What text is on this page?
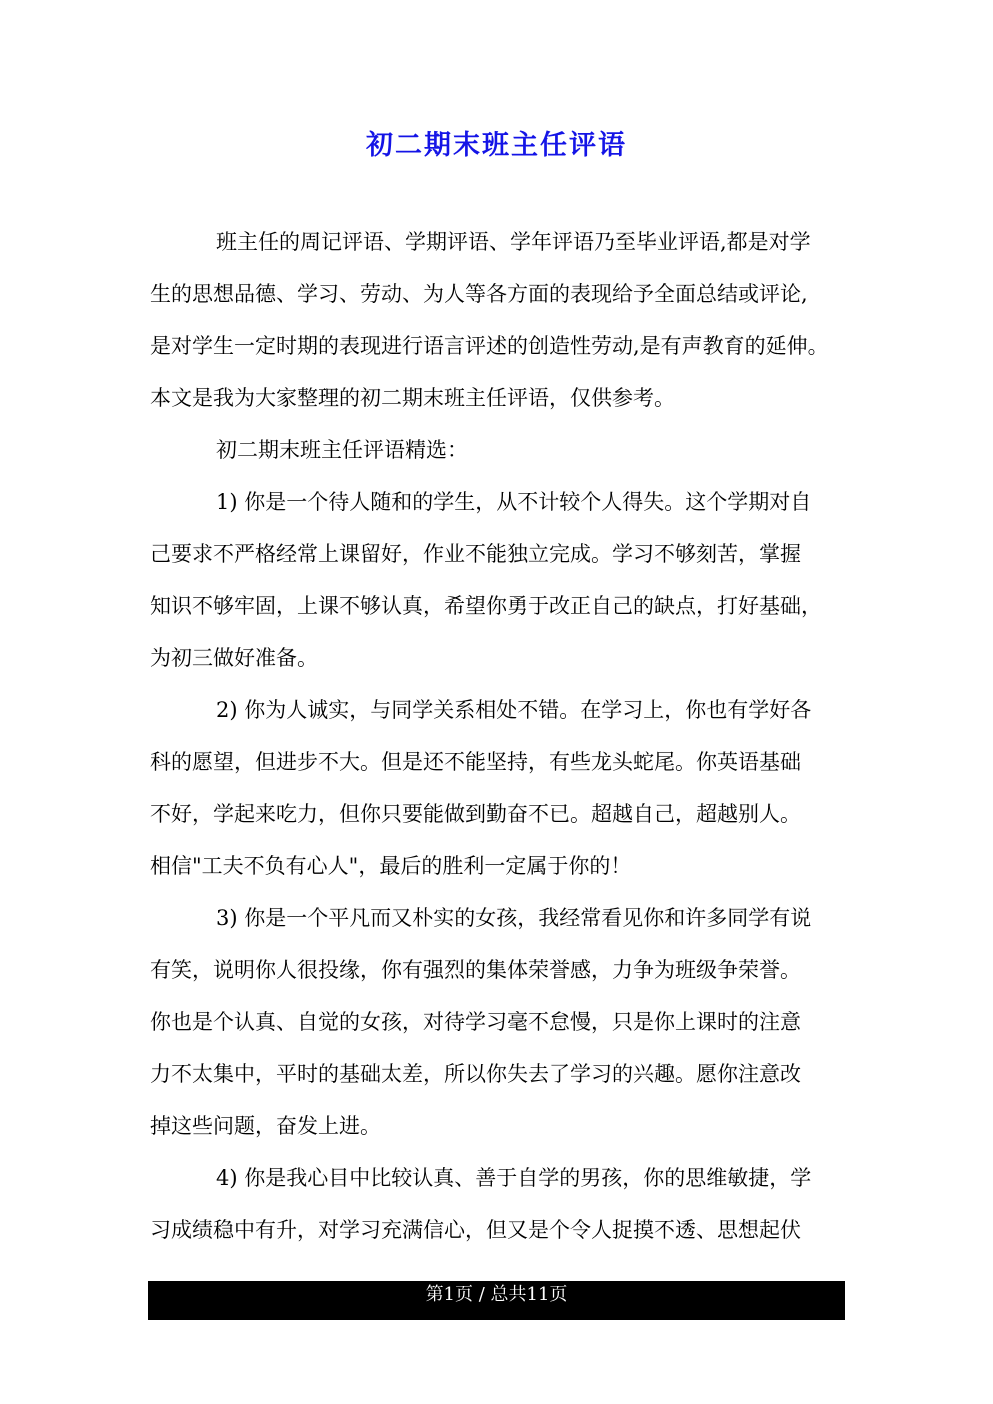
初二期末班主任评语
班主任的周记评语、学期评语、学年评语乃至毕业评语,都是对学
生的思想品德、学习、劳动、为人等各方面的表现给予全面总结或评论,
是对学生一定时期的表现进行语言评述的创造性劳动,是有声教育的延伸。
本文是我为大家整理的初二期末班主任评语，仅供参考。
初二期末班主任评语精选：
1) 你是一个待人随和的学生，从不计较个人得失。这个学期对自
己要求不严格经常上课留好，作业不能独立完成。学习不够刻苦，掌握
知识不够牢固，上课不够认真，希望你勇于改正自己的缺点，打好基础，
为初三做好准备。
2) 你为人诚实，与同学关系相处不错。在学习上，你也有学好各
科的愿望，但进步不大。但是还不能坚持，有些龙头蛇尾。你英语基础
不好，学起来吃力，但你只要能做到勤奋不已。超越自己，超越别人。
相信"工夫不负有心人"，最后的胜利一定属于你的！
3) 你是一个平凡而又朴实的女孩，我经常看见你和许多同学有说
有笑，说明你人很投缘，你有强烈的集体荣誉感，力争为班级争荣誉。
你也是个认真、自觉的女孩，对待学习毫不怠慢，只是你上课时的注意
力不太集中，平时的基础太差，所以你失去了学习的兴趣。愿你注意改
掉这些问题，奋发上进。
4) 你是我心目中比较认真、善于自学的男孩，你的思维敏捷，学
习成绩稳中有升，对学习充满信心，但又是个令人捉摸不透、思想起伏
第1页 / 总共11页
